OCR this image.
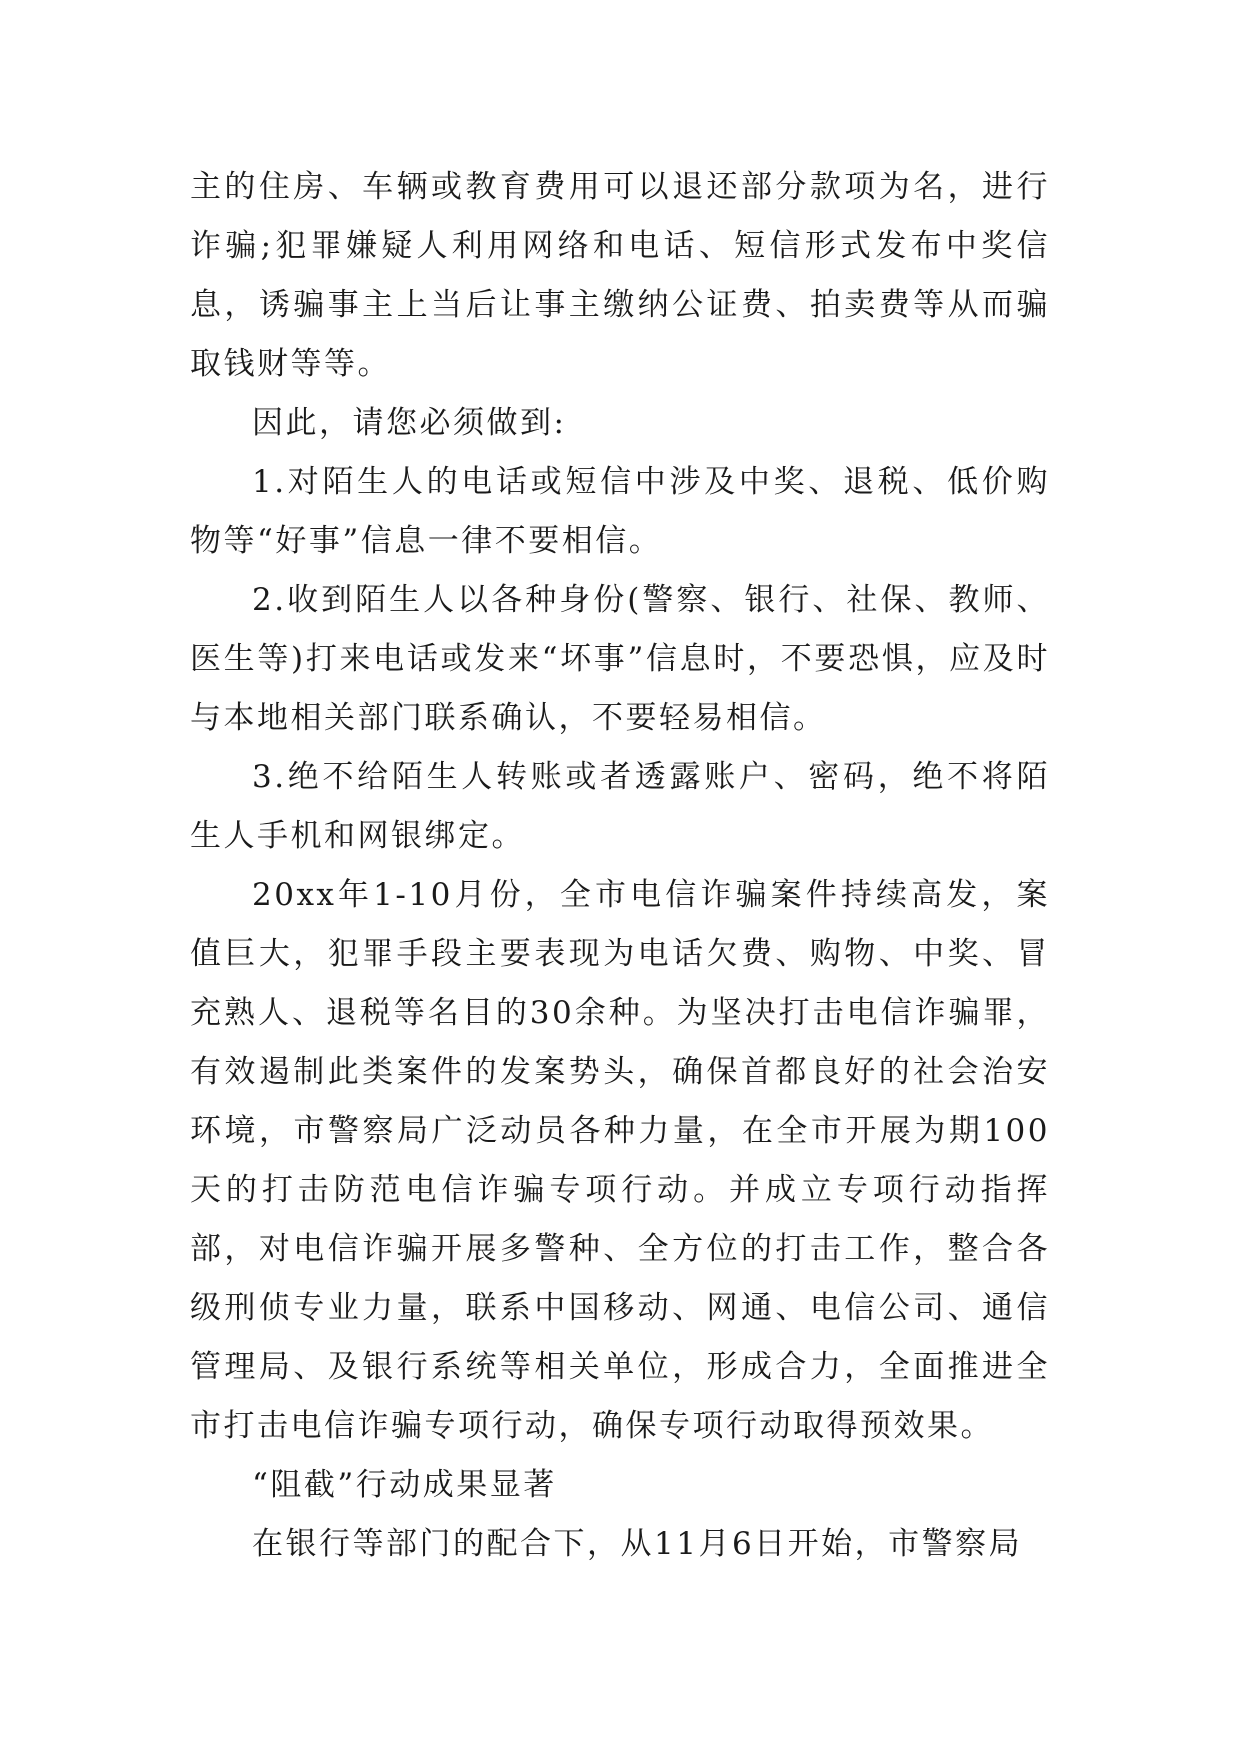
主的住房、车辆或教育费用可以退还部分款项为名，进行诈骗;犯罪嫌疑人利用网络和电话、短信形式发布中奖信息，诱骗事主上当后让事主缴纳公证费、拍卖费等从而骗取钱财等等。

因此，请您必须做到:

1.对陌生人的电话或短信中涉及中奖、退税、低价购物等“好事”信息一律不要相信。

2.收到陌生人以各种身份(警察、银行、社保、教师、医生等)打来电话或发来“坏事”信息时，不要恐惧，应及时与本地相关部门联系确认，不要轻易相信。

3.绝不给陌生人转账或者透露账户、密码，绝不将陌生人手机和网银绑定。

20xx年1-10月份，全市电信诈骗案件持续高发，案值巨大，犯罪手段主要表现为电话欠费、购物、中奖、冒充熟人、退税等名目的30余种。为坚决打击电信诈骗罪，有效遏制此类案件的发案势头，确保首都良好的社会治安环境，市警察局广泛动员各种力量，在全市开展为期100天的打击防范电信诈骗专项行动。并成立专项行动指挥部，对电信诈骗开展多警种、全方位的打击工作，整合各级刑侦专业力量，联系中国移动、网通、电信公司、通信管理局、及银行系统等相关单位，形成合力，全面推进全市打击电信诈骗专项行动，确保专项行动取得预效果。

“阻截”行动成果显著

在银行等部门的配合下，从11月6日开始，市警察局
